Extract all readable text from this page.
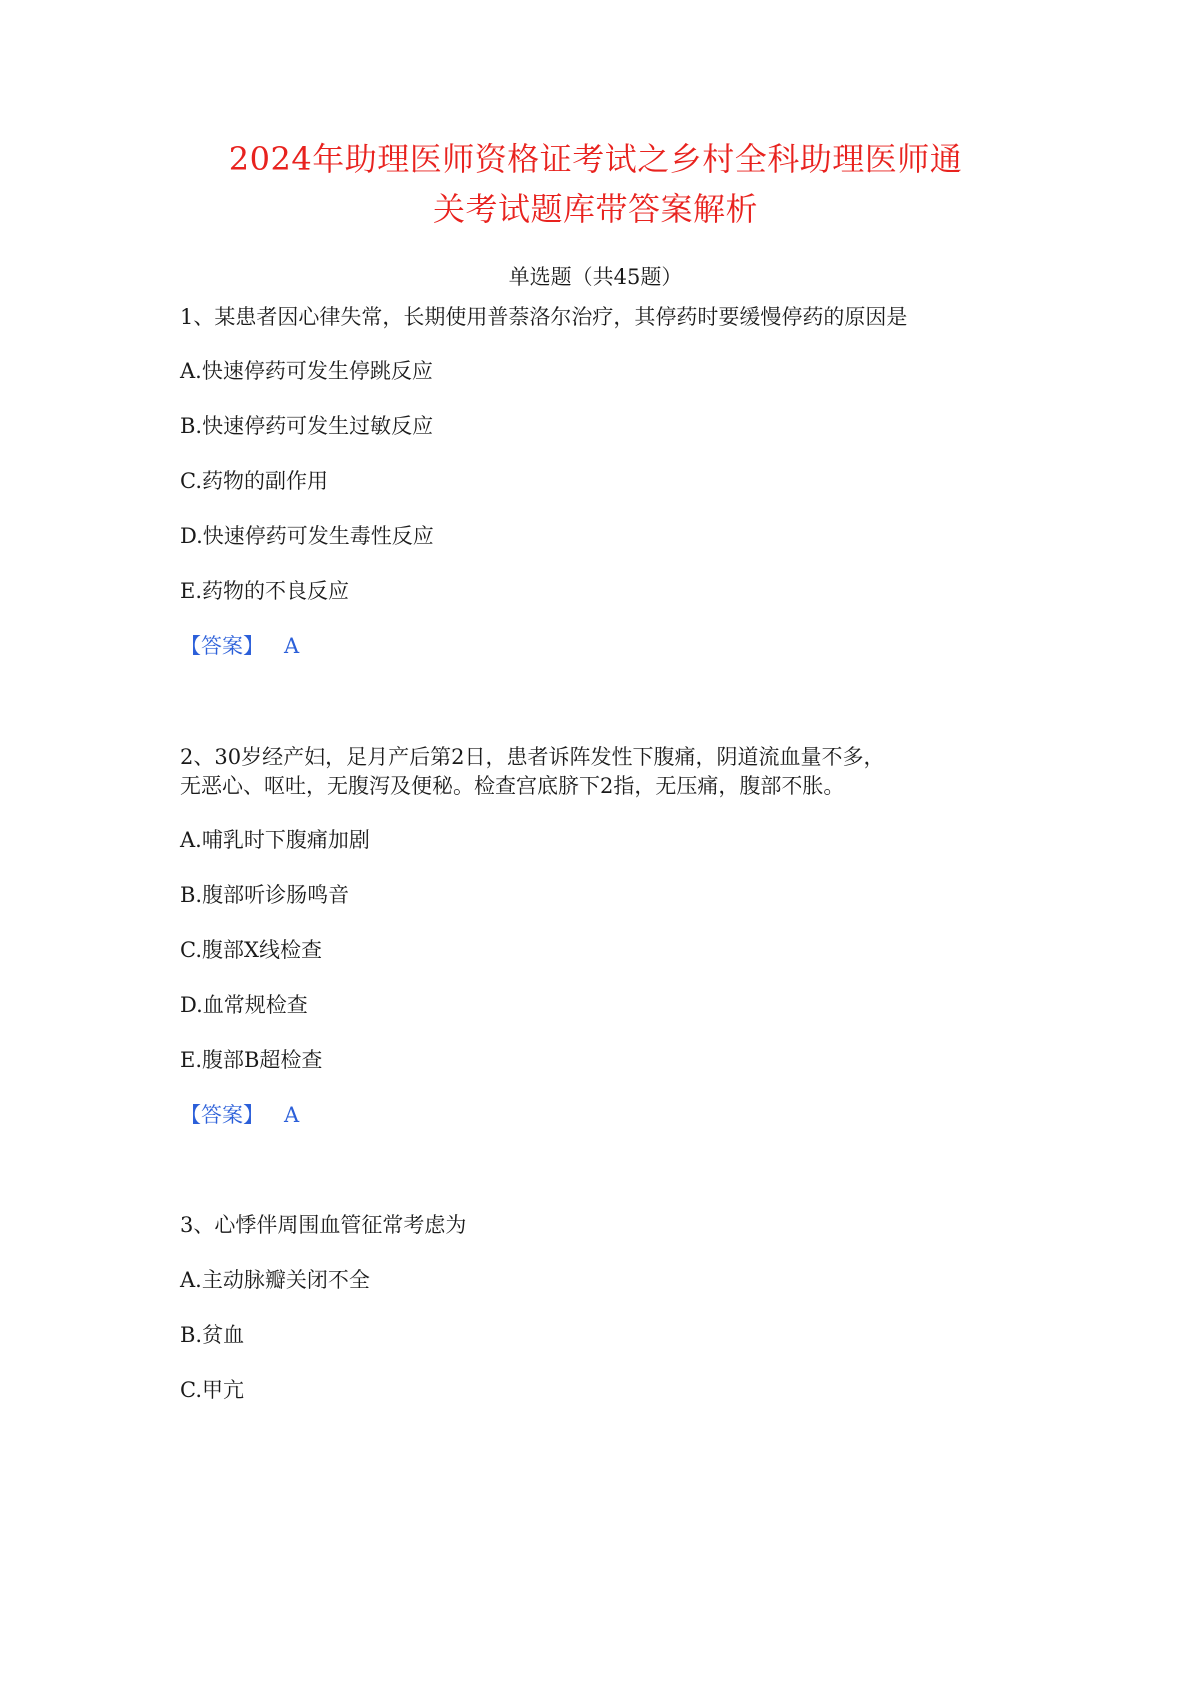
2024年助理医师资格证考试之乡村全科助理医师通
关考试题库带答案解析
单选题（共45题）
1、某患者因心律失常，长期使用普萘洛尔治疗，其停药时要缓慢停药的原因是
A.快速停药可发生停跳反应
B.快速停药可发生过敏反应
C.药物的副作用
D.快速停药可发生毒性反应
E.药物的不良反应
【答案】 A
2、30岁经产妇，足月产后第2日，患者诉阵发性下腹痛，阴道流血量不多，
无恶心、呕吐，无腹泻及便秘。检查宫底脐下2指，无压痛，腹部不胀。
A.哺乳时下腹痛加剧
B.腹部听诊肠鸣音
C.腹部X线检查
D.血常规检查
E.腹部B超检查
【答案】 A
3、心悸伴周围血管征常考虑为
A.主动脉瓣关闭不全
B.贫血
C.甲亢
